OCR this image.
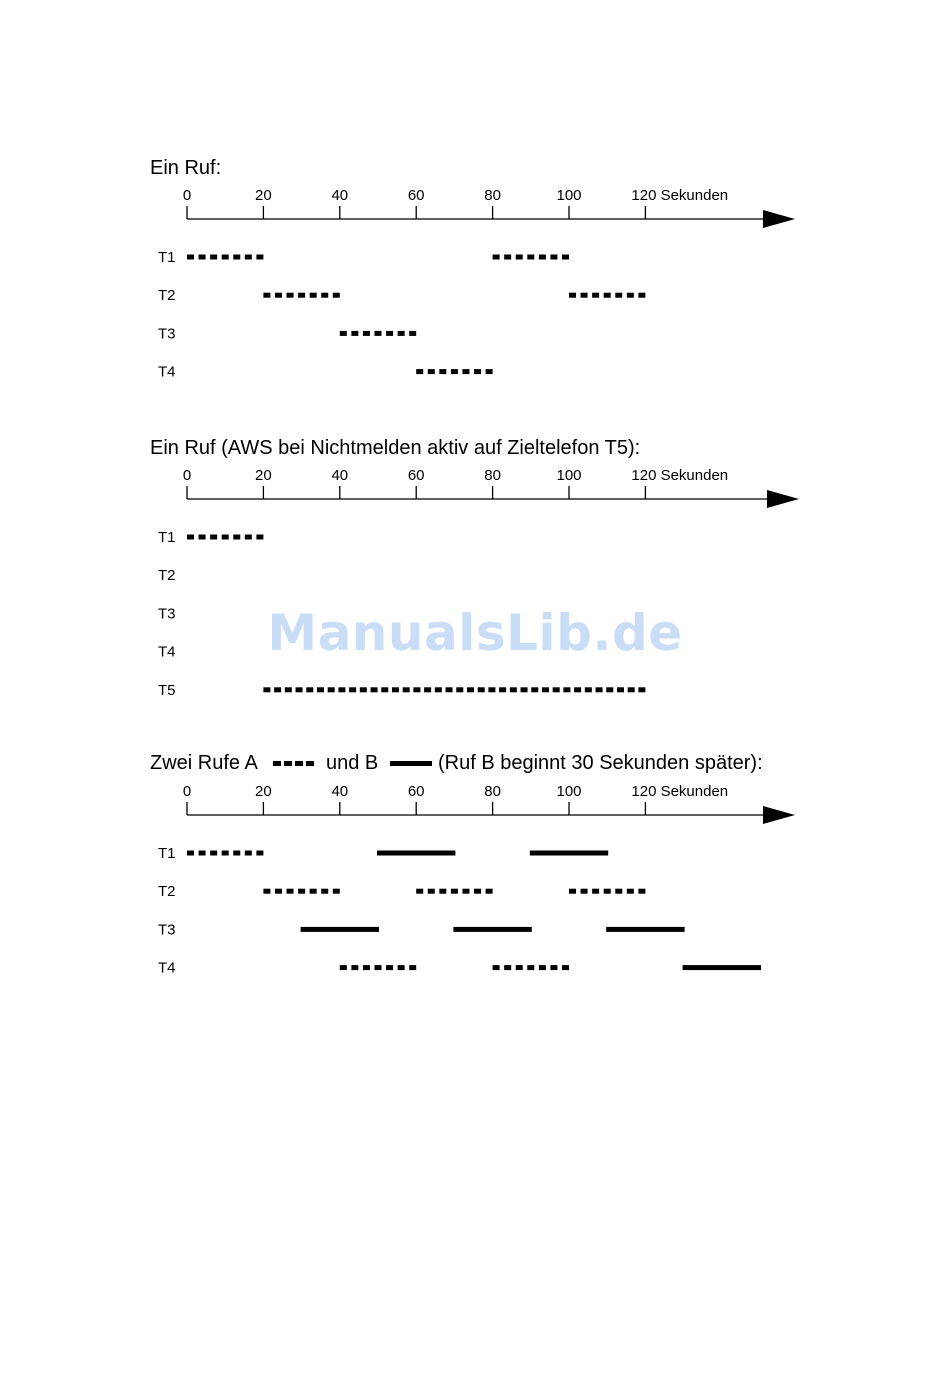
Ein Ruf:
0	20	40	60	80	100	120 Sekunden
T1
T2
T3
T4
Ein Ruf (AWS bei Nichtmelden aktiv auf Zieltelefon T5):
0	20	40	60	80	100	120 Sekunden
T1
T2
T3
T4
T5
Zwei Rufe A	und B	(Ruf B beginnt 30 Sekunden später):
0	20	40	60	80	100	120 Sekunden
T1
T2
T3
T4
ManualsLib.de
